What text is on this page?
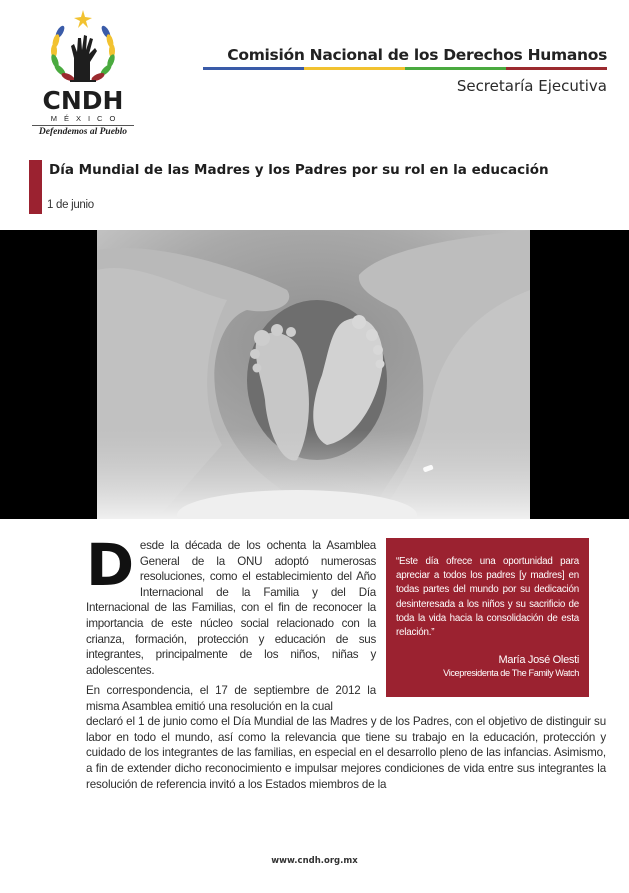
CNDH
MÉXICO
Defendemos al Pueblo
Comisión Nacional de los Derechos Humanos
Secretaría Ejecutiva
Día Mundial de las Madres y los Padres por su rol en la educación
1 de junio

Desde la década de los ochenta la Asamblea General de la ONU adoptó numerosas resoluciones, como el establecimiento del Año Internacional de la Familia y del Día Internacional de las Familias, con el fin de reconocer la importancia de este núcleo social relacionado con la crianza, formación, protección y educación de sus integrantes, principalmente de los niños, niñas y adolescentes.

En correspondencia, el 17 de septiembre de 2012 la misma Asamblea emitió una resolución en la cual
declaró el 1 de junio como el Día Mundial de las Madres y de los Padres, con el objetivo de distinguir su labor en todo el mundo, así como la relevancia que tiene su trabajo en la educación, protección y cuidado de los integrantes de las familias, en especial en el desarrollo pleno de las infancias. Asimismo, a fin de extender dicho reconocimiento e impulsar mejores condiciones de vida entre sus integrantes la resolución de referencia invitó a los Estados miembros de la
“Este día ofrece una oportunidad para apreciar a todos los padres [y madres] en todas partes del mundo por su dedicación desinteresada a los niños y su sacrificio de toda la vida hacia la consolidación de esta relación.”
María José Olesti
Vicepresidenta de The Family Watch
www.cndh.org.mx
